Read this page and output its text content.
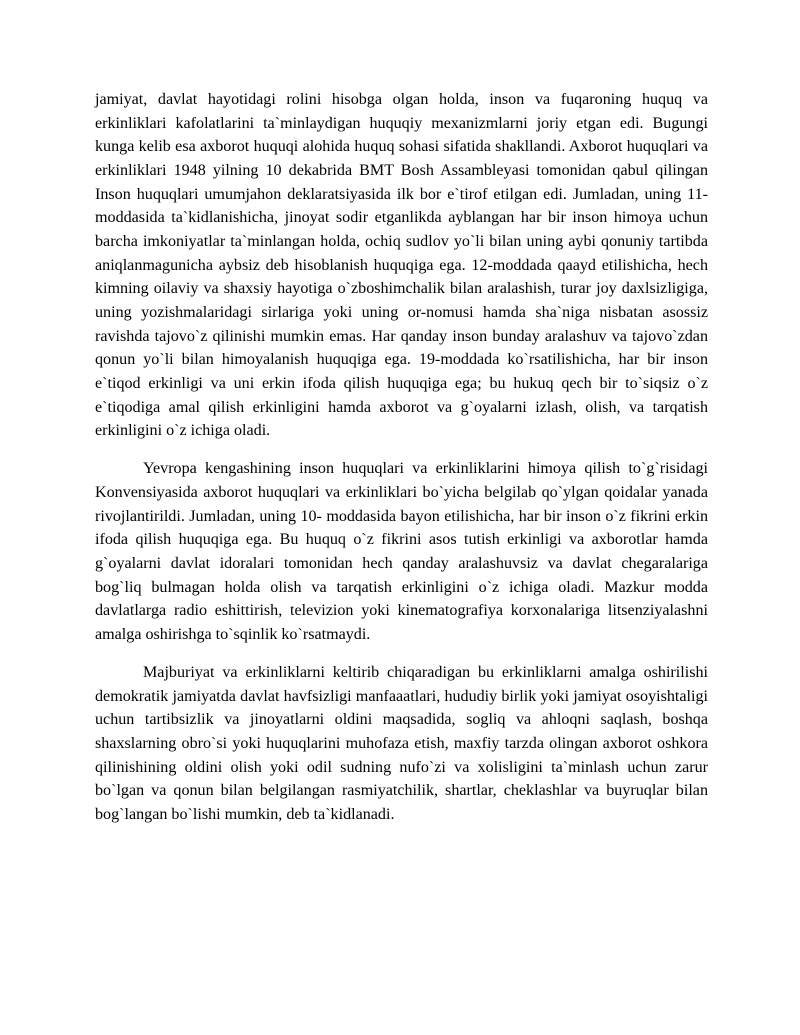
jamiyat, davlat hayotidagi rolini hisobga olgan holda, inson va fuqaroning huquq va erkinliklari kafolatlarini ta`minlaydigan huquqiy mexanizmlarni joriy etgan edi. Bugungi kunga kelib esa axborot huquqi alohida huquq sohasi sifatida shakllandi. Axborot huquqlari va erkinliklari 1948 yilning 10 dekabrida BMT Bosh Assambleyasi tomonidan qabul qilingan Inson huquqlari umumjahon deklaratsiyasida ilk bor e`tirof etilgan edi. Jumladan, uning 11- moddasida ta`kidlanishicha, jinoyat sodir etganlikda ayblangan har bir inson himoya uchun barcha imkoniyatlar ta`minlangan holda, ochiq sudlov yo`li bilan uning aybi qonuniy tartibda aniqlanmagunicha aybsiz deb hisoblanish huquqiga ega. 12-moddada qaayd etilishicha, hech kimning oilaviy va shaxsiy hayotiga o`zboshimchalik bilan aralashish, turar joy daxlsizligiga, uning yozishmalaridagi sirlariga yoki uning or-nomusi hamda sha`niga nisbatan asossiz ravishda tajovo`z qilinishi mumkin emas. Har qanday inson bunday aralashuv va tajovo`zdan qonun yo`li bilan himoyalanish huquqiga ega. 19-moddada ko`rsatilishicha, har bir inson e`tiqod erkinligi va uni erkin ifoda qilish huquqiga ega; bu hukuq qech bir to`siqsiz o`z e`tiqodiga amal qilish erkinligini hamda axborot va g`oyalarni izlash, olish, va tarqatish erkinligini o`z ichiga oladi.

Yevropa kengashining inson huquqlari va erkinliklarini himoya qilish to`g`risidagi Konvensiyasida axborot huquqlari va erkinliklari bo`yicha belgilab qo`ylgan qoidalar yanada rivojlantirildi. Jumladan, uning 10- moddasida bayon etilishicha, har bir inson o`z fikrini erkin ifoda qilish huquqiga ega. Bu huquq o`z fikrini asos tutish erkinligi va axborotlar hamda g`oyalarni davlat idoralari tomonidan hech qanday aralashuvsiz va davlat chegaralariga bog`liq bulmagan holda olish va tarqatish erkinligini o`z ichiga oladi. Mazkur modda davlatlarga radio eshittirish, televizion yoki kinematografiya korxonalariga litsenziyalashni amalga oshirishga to`sqinlik ko`rsatmaydi.

Majburiyat va erkinliklarni keltirib chiqaradigan bu erkinliklarni amalga oshirilishi demokratik jamiyatda davlat havfsizligi manfaaatlari, hududiy birlik yoki jamiyat osoyishtaligi uchun tartibsizlik va jinoyatlarni oldini maqsadida, sogliq va ahloqni saqlash, boshqa shaxslarning obro`si yoki huquqlarini muhofaza etish, maxfiy tarzda olingan axborot oshkora qilinishining oldini olish yoki odil sudning nufo`zi va xolisligini ta`minlash uchun zarur bo`lgan va qonun bilan belgilangan rasmiyatchilik, shartlar, cheklashlar va buyruqlar bilan bog`langan bo`lishi mumkin, deb ta`kidlanadi.
